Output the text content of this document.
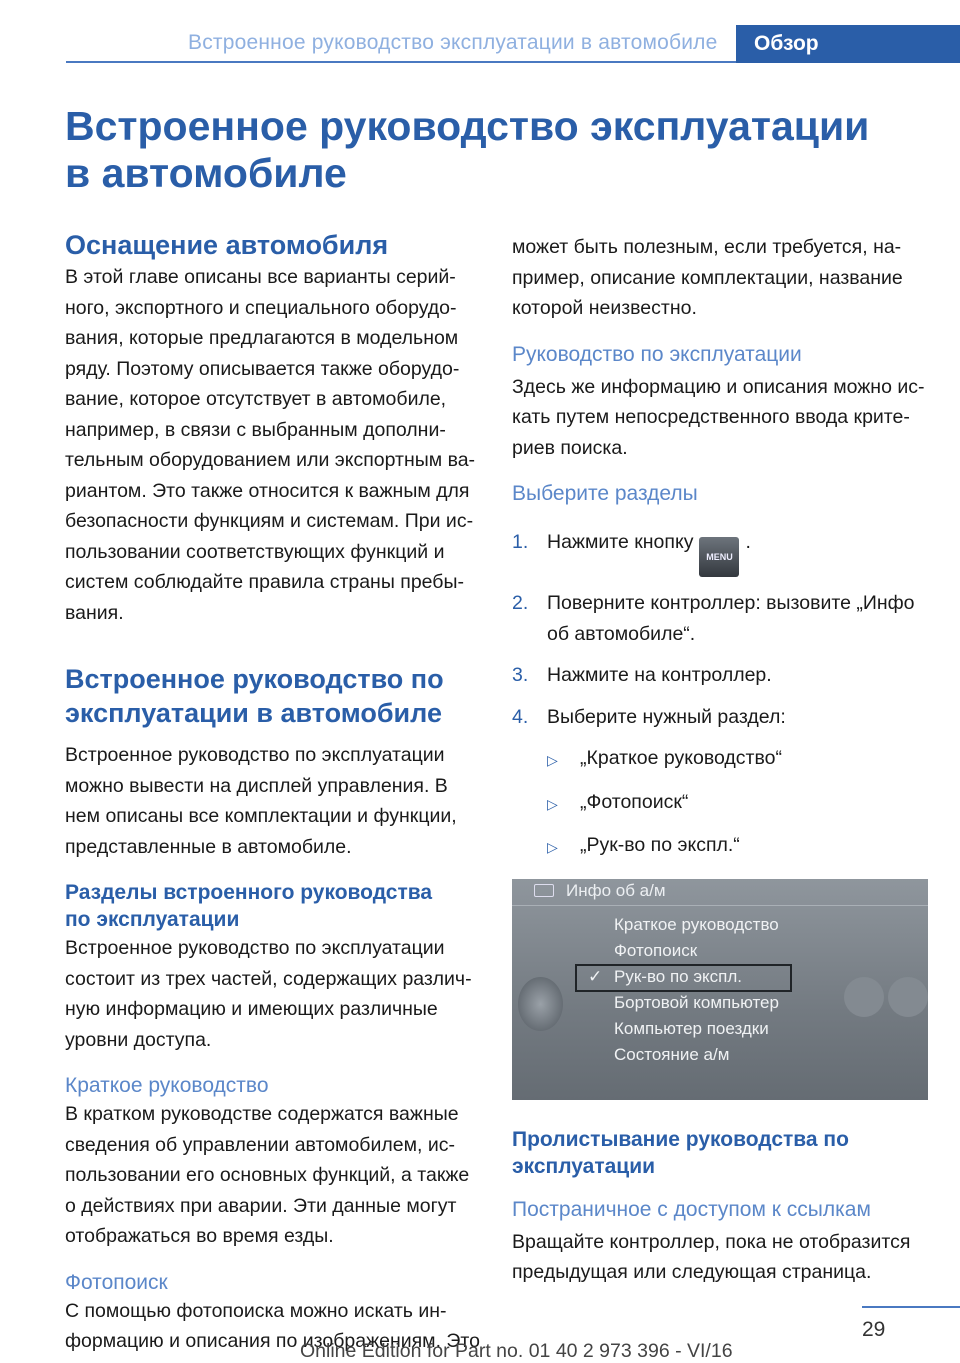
Встроенное руководство эксплуатации в автомобиле	Обзор
Встроенное руководство эксплуатации
в автомобиле
Оснащение автомобиля

В этой главе описаны все варианты серий-
ного, экспортного и специального оборудо-
вания, которые предлагаются в модельном
ряду. Поэтому описывается также оборудо-
вание, которое отсутствует в автомобиле,
например, в связи с выбранным дополни-
тельным оборудованием или экспортным ва-
риантом. Это также относится к важным для
безопасности функциям и системам. При ис-
пользовании соответствующих функций и
систем соблюдайте правила страны пребы-
вания.

Встроенное руководство по
эксплуатации в автомобиле

Встроенное руководство по эксплуатации
можно вывести на дисплей управления. В
нем описаны все комплектации и функции,
представленные в автомобиле.

Разделы встроенного руководства
по эксплуатации

Встроенное руководство по эксплуатации
состоит из трех частей, содержащих различ-
ную информацию и имеющих различные
уровни доступа.

Краткое руководство

В кратком руководстве содержатся важные
сведения об управлении автомобилем, ис-
пользовании его основных функций, а также
о действиях при аварии. Эти данные могут
отображаться во время езды.

Фотопоиск

С помощью фотопоиска можно искать ин-
формацию и описания по изображениям. Это

может быть полезным, если требуется, на-
пример, описание комплектации, название
которой неизвестно.

Руководство по эксплуатации

Здесь же информацию и описания можно ис-
кать путем непосредственного ввода крите-
риев поиска.

Выберите разделы
1. Нажмите кнопкуMENU.
2. Поверните контроллер: вызовите „Инфо
об автомобиле“.
3. Нажмите на контроллер.
4. Выберите нужный раздел:
▷	„Краткое руководство“
▷	„Фотопоиск“
▷	„Рук-во по экспл.“
Инфо об а/м
Краткое руководство
Фотопоиск
✓ Рук-во по экспл.
Бортовой компьютер
Компьютер поездки
Состояние а/м
Пролистывание руководства по
эксплуатации
Постраничное с доступом к ссылкам

Вращайте контроллер, пока не отобразится
предыдущая или следующая страница.

29
Online Edition for Part no. 01 40 2 973 396 - VI/16
